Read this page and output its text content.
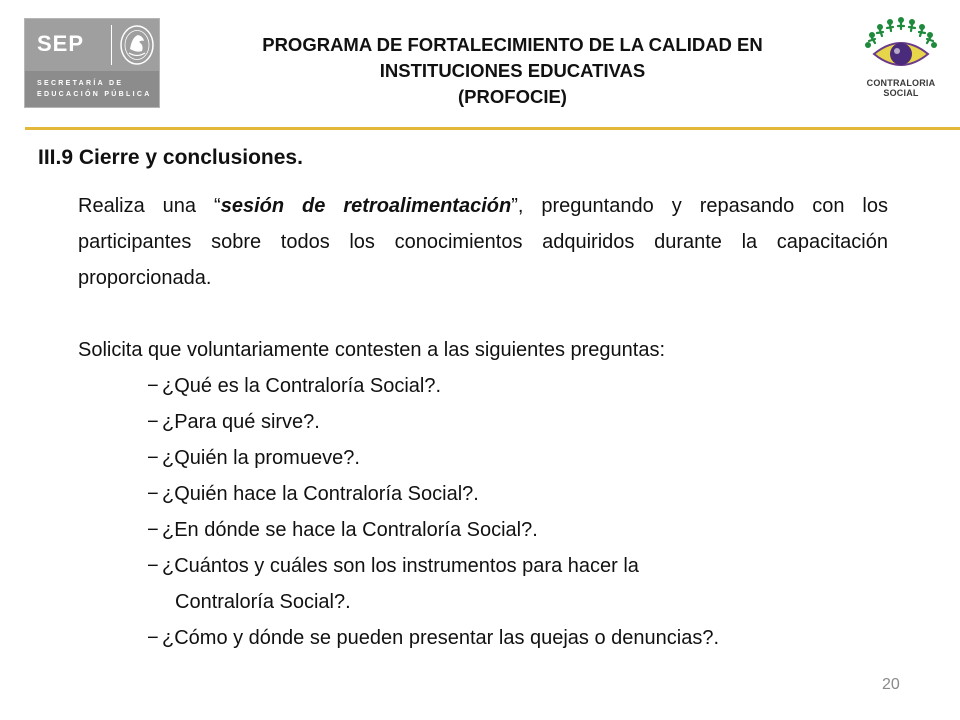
SEP
SECRETARÍA DE
EDUCACIÓN PÚBLICA
PROGRAMA DE FORTALECIMIENTO DE LA CALIDAD EN
INSTITUCIONES EDUCATIVAS
(PROFOCIE)
CONTRALORIA
SOCIAL
III.9 Cierre y conclusiones.
Realiza una “sesión de retroalimentación”, preguntando y repasando con los participantes sobre todos los conocimientos adquiridos durante la capacitación proporcionada.
Solicita que voluntariamente contesten a las siguientes preguntas:
− ¿Qué es la Contraloría Social?.
− ¿Para qué sirve?.
− ¿Quién la promueve?.
− ¿Quién hace la Contraloría Social?.
− ¿En dónde se hace la Contraloría Social?.
− ¿Cuántos y cuáles son los instrumentos para hacer la
Contraloría Social?.
− ¿Cómo y dónde se pueden presentar las quejas o denuncias?.
20
